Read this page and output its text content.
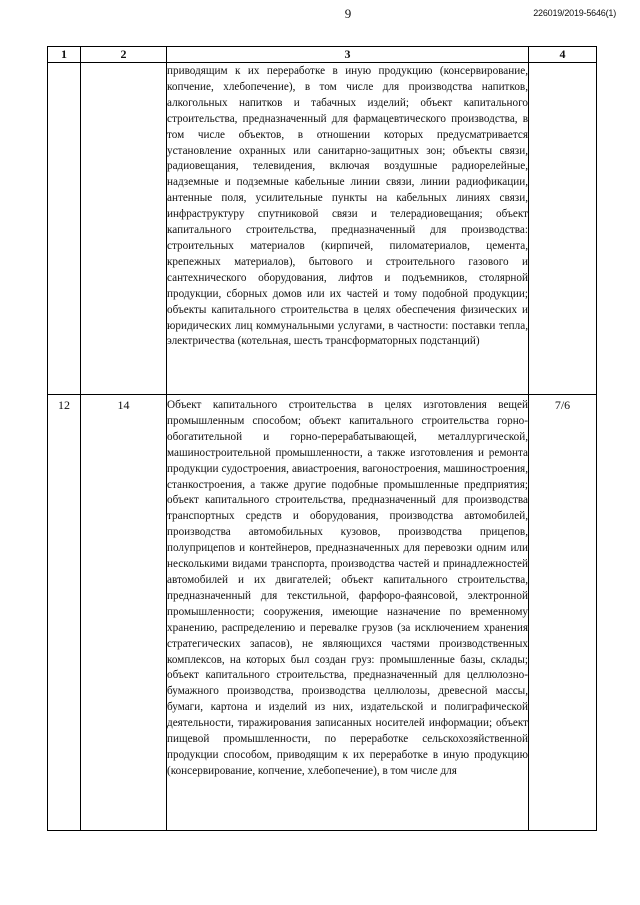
9	226019/2019-5646(1)
1	2	3	4

		приводящим к их переработке в иную продукцию (консервирование, копчение, хлебопечение), в том числе для производства напитков, алкогольных напитков и табачных изделий; объект капитального строительства, предназначенный для фармацевтического производства, в том числе объектов, в отношении которых предусматривается установление охранных или санитарно-защитных зон; объекты связи, радиовещания, телевидения, включая воздушные радиорелейные, надземные и подземные кабельные линии связи, линии радиофикации, антенные поля, усилительные пункты на кабельных линиях связи, инфраструктуру спутниковой связи и телерадиовещания; объект капитального строительства, предназначенный для производства: строительных материалов (кирпичей, пиломатериалов, цемента, крепежных материалов), бытового и строительного газового и сантехнического оборудования, лифтов и подъемников, столярной продукции, сборных домов или их частей и тому подобной продукции; объекты капитального строительства в целях обеспечения физических и юридических лиц коммунальными услугами, в частности: поставки тепла, электричества (котельная, шесть трансформаторных подстанций)	

12	14	Объект капитального строительства в целях изготовления вещей промышленным способом; объект капитального строительства горно-обогатительной и горно-перерабатывающей, металлургической, машиностроительной промышленности, а также изготовления и ремонта продукции судостроения, авиастроения, вагоностроения, машиностроения, станкостроения, а также другие подобные промышленные предприятия; объект капитального строительства, предназначенный для производства транспортных средств и оборудования, производства автомобилей, производства автомобильных кузовов, производства прицепов, полуприцепов и контейнеров, предназначенных для перевозки одним или несколькими видами транспорта, производства частей и принадлежностей автомобилей и их двигателей; объект капитального строительства, предназначенный для текстильной, фарфоро-фаянсовой, электронной промышленности; сооружения, имеющие назначение по временному хранению, распределению и перевалке грузов (за исключением хранения стратегических запасов), не являющихся частями производственных комплексов, на которых был создан груз: промышленные базы, склады; объект капитального строительства, предназначенный для целлюлозно-бумажного производства, производства целлюлозы, древесной массы, бумаги, картона и изделий из них, издательской и полиграфической деятельности, тиражирования записанных носителей информации; объект пищевой промышленности, по переработке сельскохозяйственной продукции способом, приводящим к их переработке в иную продукцию (консервирование, копчение, хлебопечение), в том числе для	7/6
